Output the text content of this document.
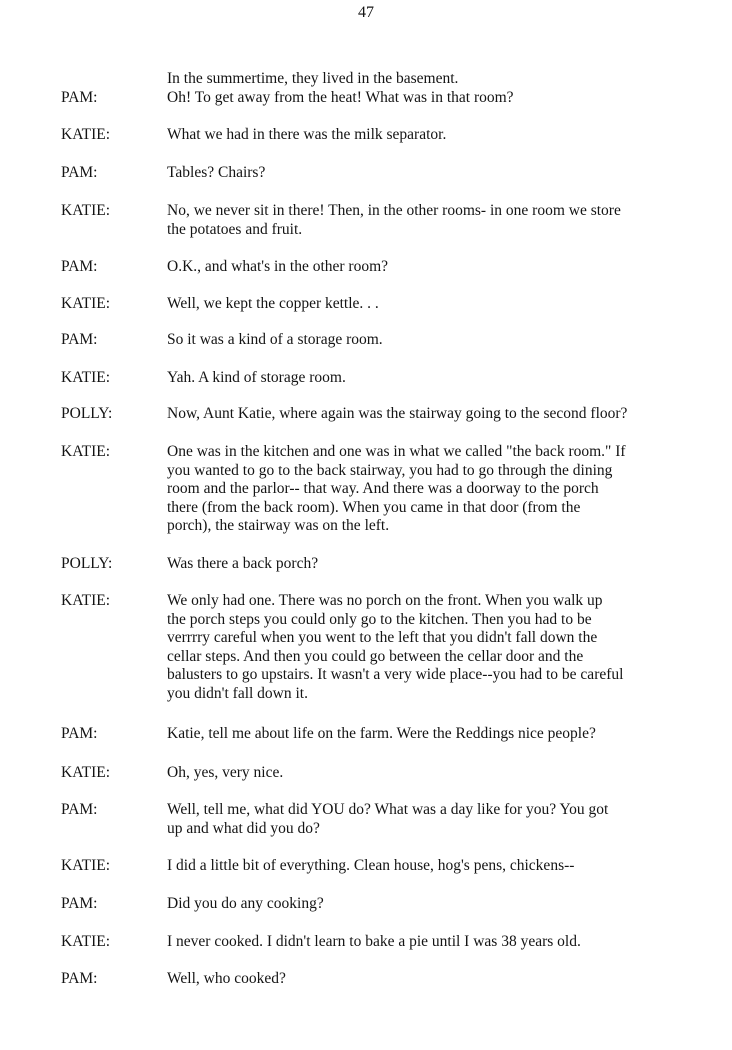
47
In the summertime, they lived in the basement.
PAM:	Oh! To get away from the heat! What was in that room?
KATIE:	What we had in there was the milk separator.
PAM:	Tables? Chairs?
KATIE:	No, we never sit in there! Then, in the other rooms- in one room we store
the potatoes and fruit.
PAM:	O.K., and what's in the other room?
KATIE:	Well, we kept the copper kettle. . .
PAM:	So it was a kind of a storage room.
KATIE:	Yah. A kind of storage room.
POLLY:	Now, Aunt Katie, where again was the stairway going to the second floor?
KATIE:	One was in the kitchen and one was in what we called "the back room." If
you wanted to go to the back stairway, you had to go through the dining
room and the parlor-- that way. And there was a doorway to the porch
there (from the back room). When you came in that door (from the
porch), the stairway was on the left.
POLLY:	Was there a back porch?
KATIE:	We only had one. There was no porch on the front. When you walk up
the porch steps you could only go to the kitchen. Then you had to be
verrrry careful when you went to the left that you didn't fall down the
cellar steps. And then you could go between the cellar door and the
balusters to go upstairs. It wasn't a very wide place--you had to be careful
you didn't fall down it.
PAM:	Katie, tell me about life on the farm. Were the Reddings nice people?
KATIE:	Oh, yes, very nice.
PAM:	Well, tell me, what did YOU do? What was a day like for you? You got
up and what did you do?
KATIE:	I did a little bit of everything. Clean house, hog's pens, chickens--
PAM:	Did you do any cooking?
KATIE:	I never cooked. I didn't learn to bake a pie until I was 38 years old.
PAM:	Well, who cooked?
